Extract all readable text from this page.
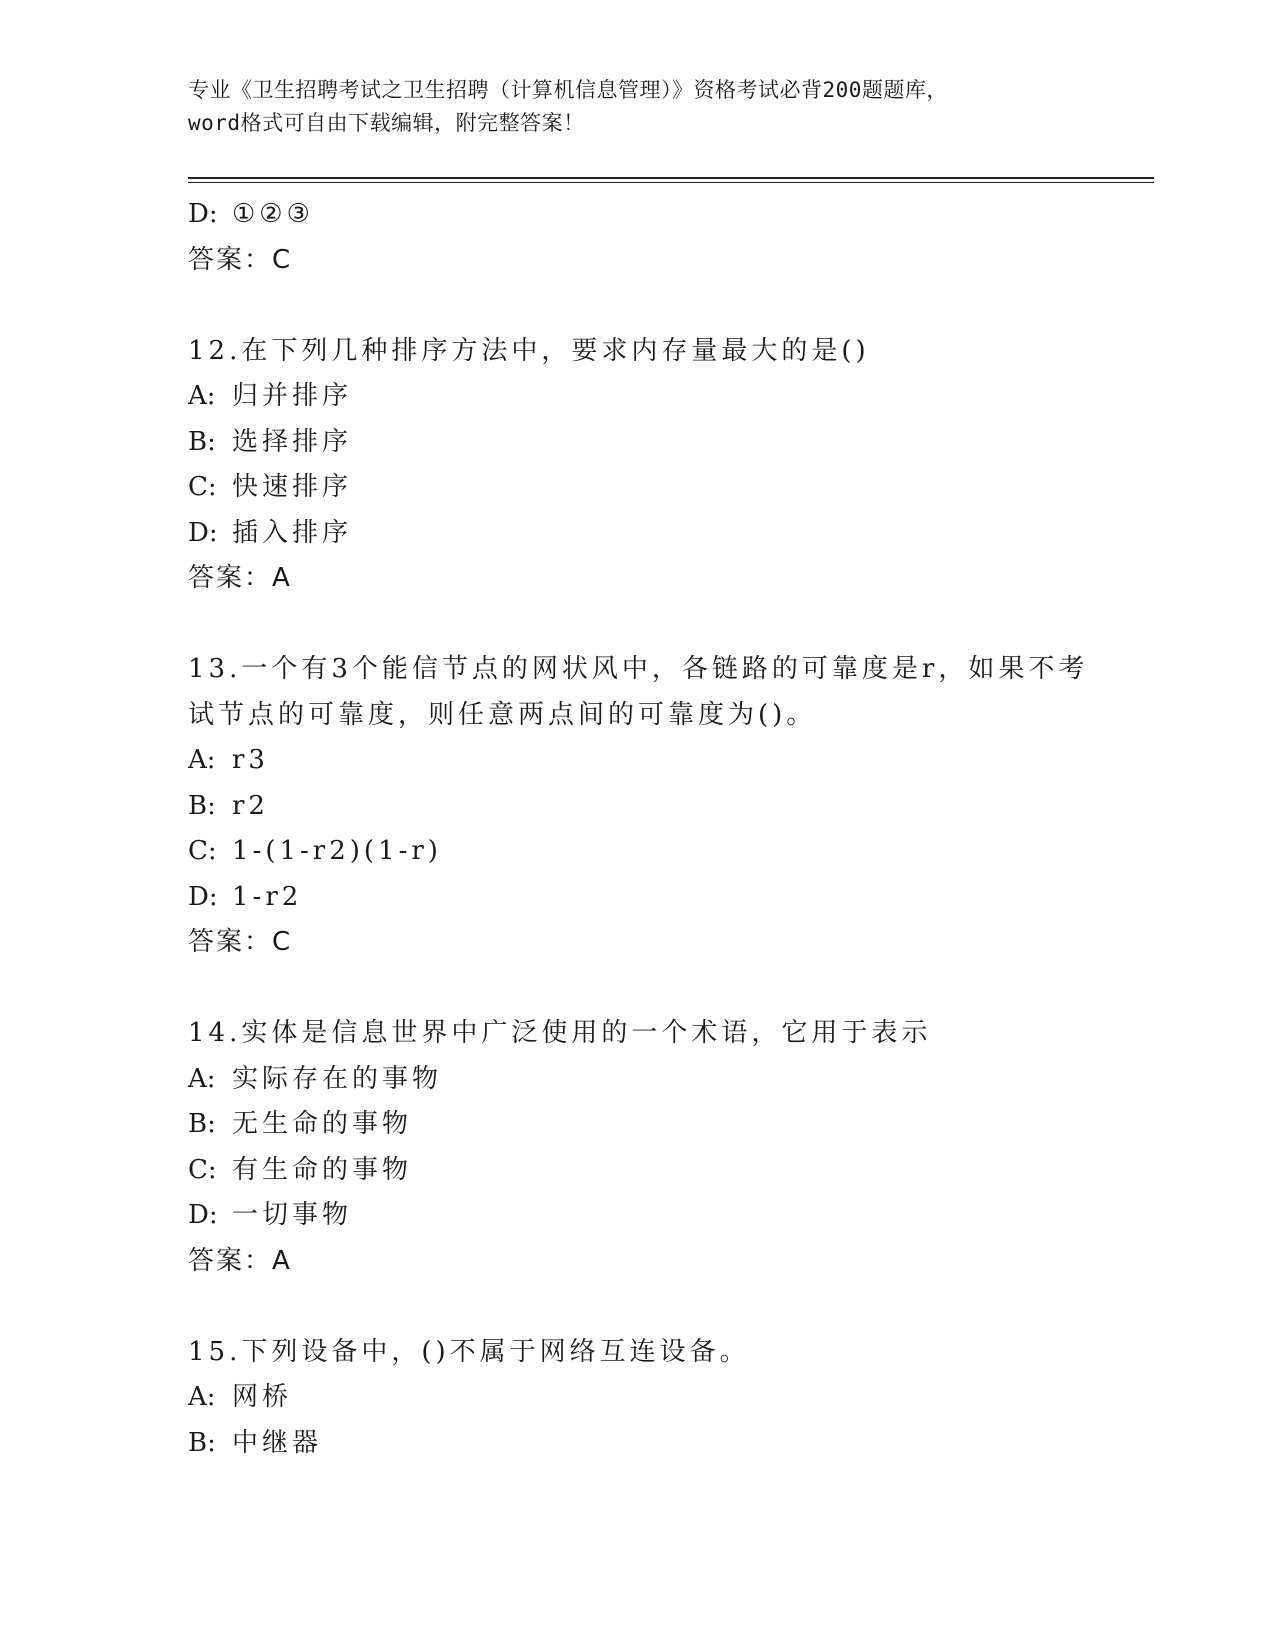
专业《卫生招聘考试之卫生招聘（计算机信息管理）》资格考试必背200题题库，
word格式可自由下载编辑，附完整答案！
D: ①②③
答案：C
12.在下列几种排序方法中，要求内存量最大的是()
A: 归并排序
B: 选择排序
C: 快速排序
D: 插入排序
答案：A
13.一个有3个能信节点的网状风中，各链路的可靠度是r，如果不考
试节点的可靠度，则任意两点间的可靠度为()。
A: r3
B: r2
C: 1-(1-r2)(1-r)
D: 1-r2
答案：C
14.实体是信息世界中广泛使用的一个术语，它用于表示
A: 实际存在的事物
B: 无生命的事物
C: 有生命的事物
D: 一切事物
答案：A
15.下列设备中，()不属于网络互连设备。
A: 网桥
B: 中继器
